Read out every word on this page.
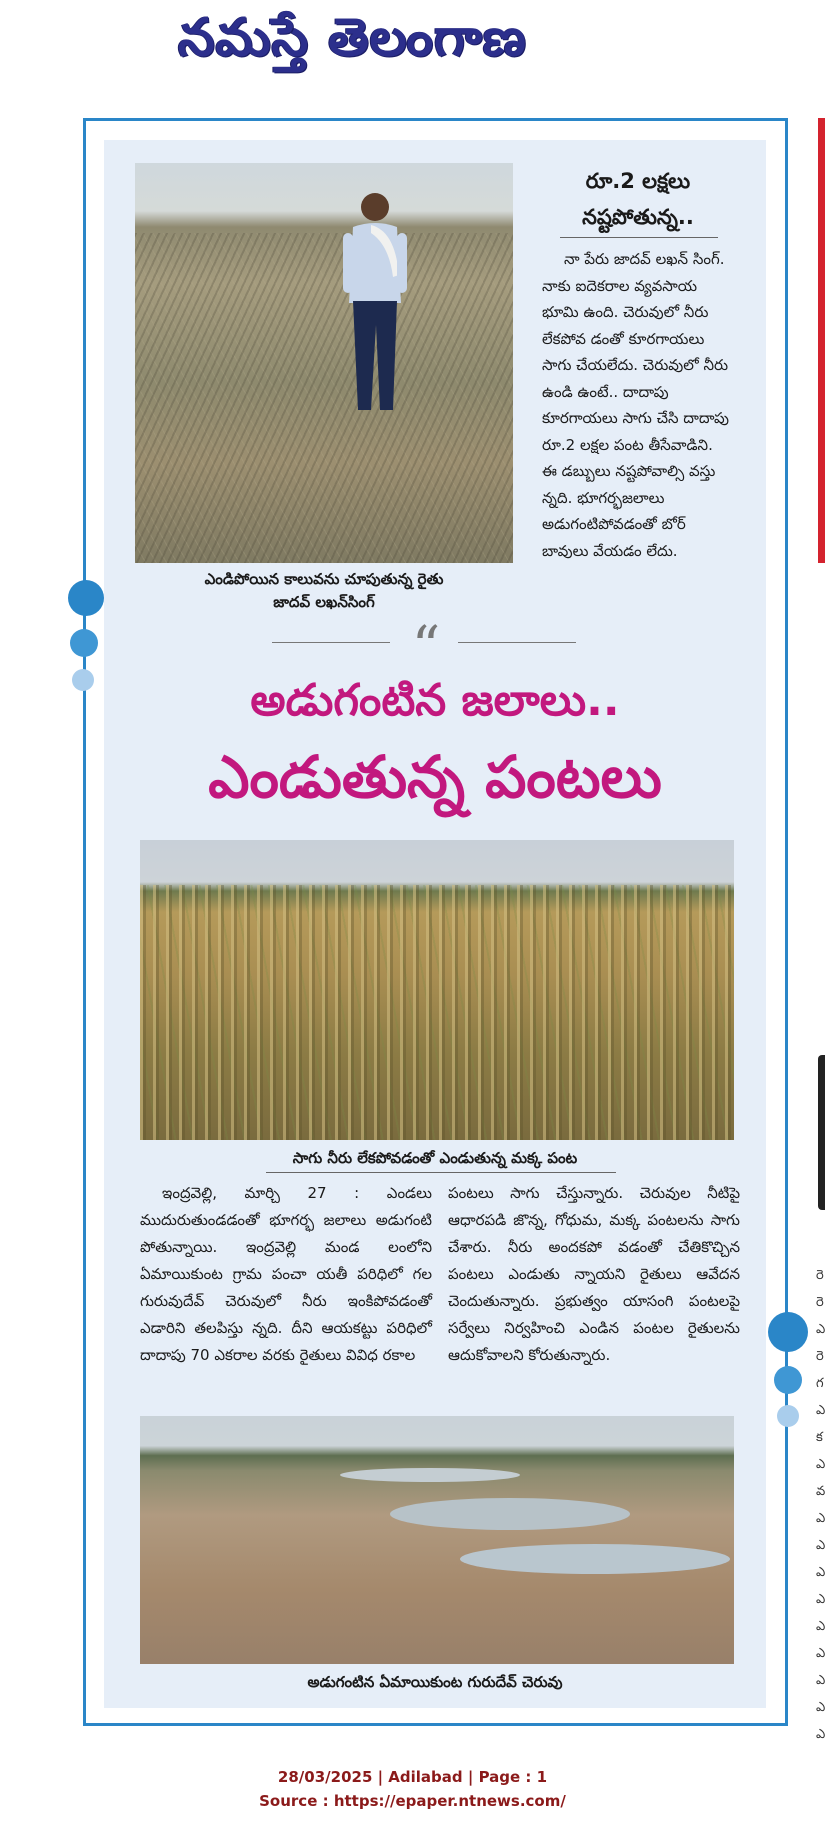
నమస్తే తెలంగాణ
రె
రె
ఎ
రె
గ
ఎ
క
ఎ
వ
ఎ
ఎ
ఎ
ఎ
ఎ
ఎ
ఎ
ఎ
ఎ
ఎండిపోయిన కాలువను చూపుతున్న రైతు
జాదవ్ లఖన్‌సింగ్
రూ.2 లక్షలు
నష్టపోతున్న..

నా పేరు జాదవ్ లఖన్ సింగ్. నాకు ఐదెకరాల వ్యవసాయ భూమి ఉంది. చెరువులో నీరు లేకపోవ డంతో కూరగాయలు సాగు చేయలేదు. చెరువులో నీరు ఉండి ఉంటే.. దాదాపు కూరగాయలు సాగు చేసి దాదాపు రూ.2 లక్షల పంట తీసేవాడిని. ఈ డబ్బులు నష్టపోవాల్సి వస్తు న్నది. భూగర్భజలాలు అడుగంటిపోవడంతో బోర్ బావులు వేయడం లేదు.

“
అడుగంటిన జలాలు..
ఎండుతున్న పంటలు
సాగు నీరు లేకపోవడంతో ఎండుతున్న మక్క పంట

ఇంద్రవెల్లి, మార్చి 27 : ఎండలు ముదురుతుండడంతో భూగర్భ జలాలు అడుగంటి పోతున్నాయి. ఇంద్రవెల్లి మండ లంలోని ఏమాయికుంట గ్రామ పంచా యతీ పరిధిలో గల గురువుదేవ్ చెరువులో నీరు ఇంకిపోవడంతో ఎడారిని తలపిస్తు న్నది. దీని ఆయకట్టు పరిధిలో దాదాపు 70 ఎకరాల వరకు రైతులు వివిధ రకాల

పంటలు సాగు చేస్తున్నారు. చెరువుల నీటిపై ఆధారపడి జొన్న, గోధుమ, మక్క పంటలను సాగు చేశారు. నీరు అందకపో వడంతో చేతికొచ్చిన పంటలు ఎండుతు న్నాయని రైతులు ఆవేదన చెందుతున్నారు. ప్రభుత్వం యాసంగి పంటలపై సర్వేలు నిర్వహించి ఎండిన పంటల రైతులను ఆదుకోవాలని కోరుతున్నారు.

అడుగంటిన ఏమాయికుంట గురుదేవ్ చెరువు
28/03/2025 | Adilabad | Page : 1
Source : https://epaper.ntnews.com/
